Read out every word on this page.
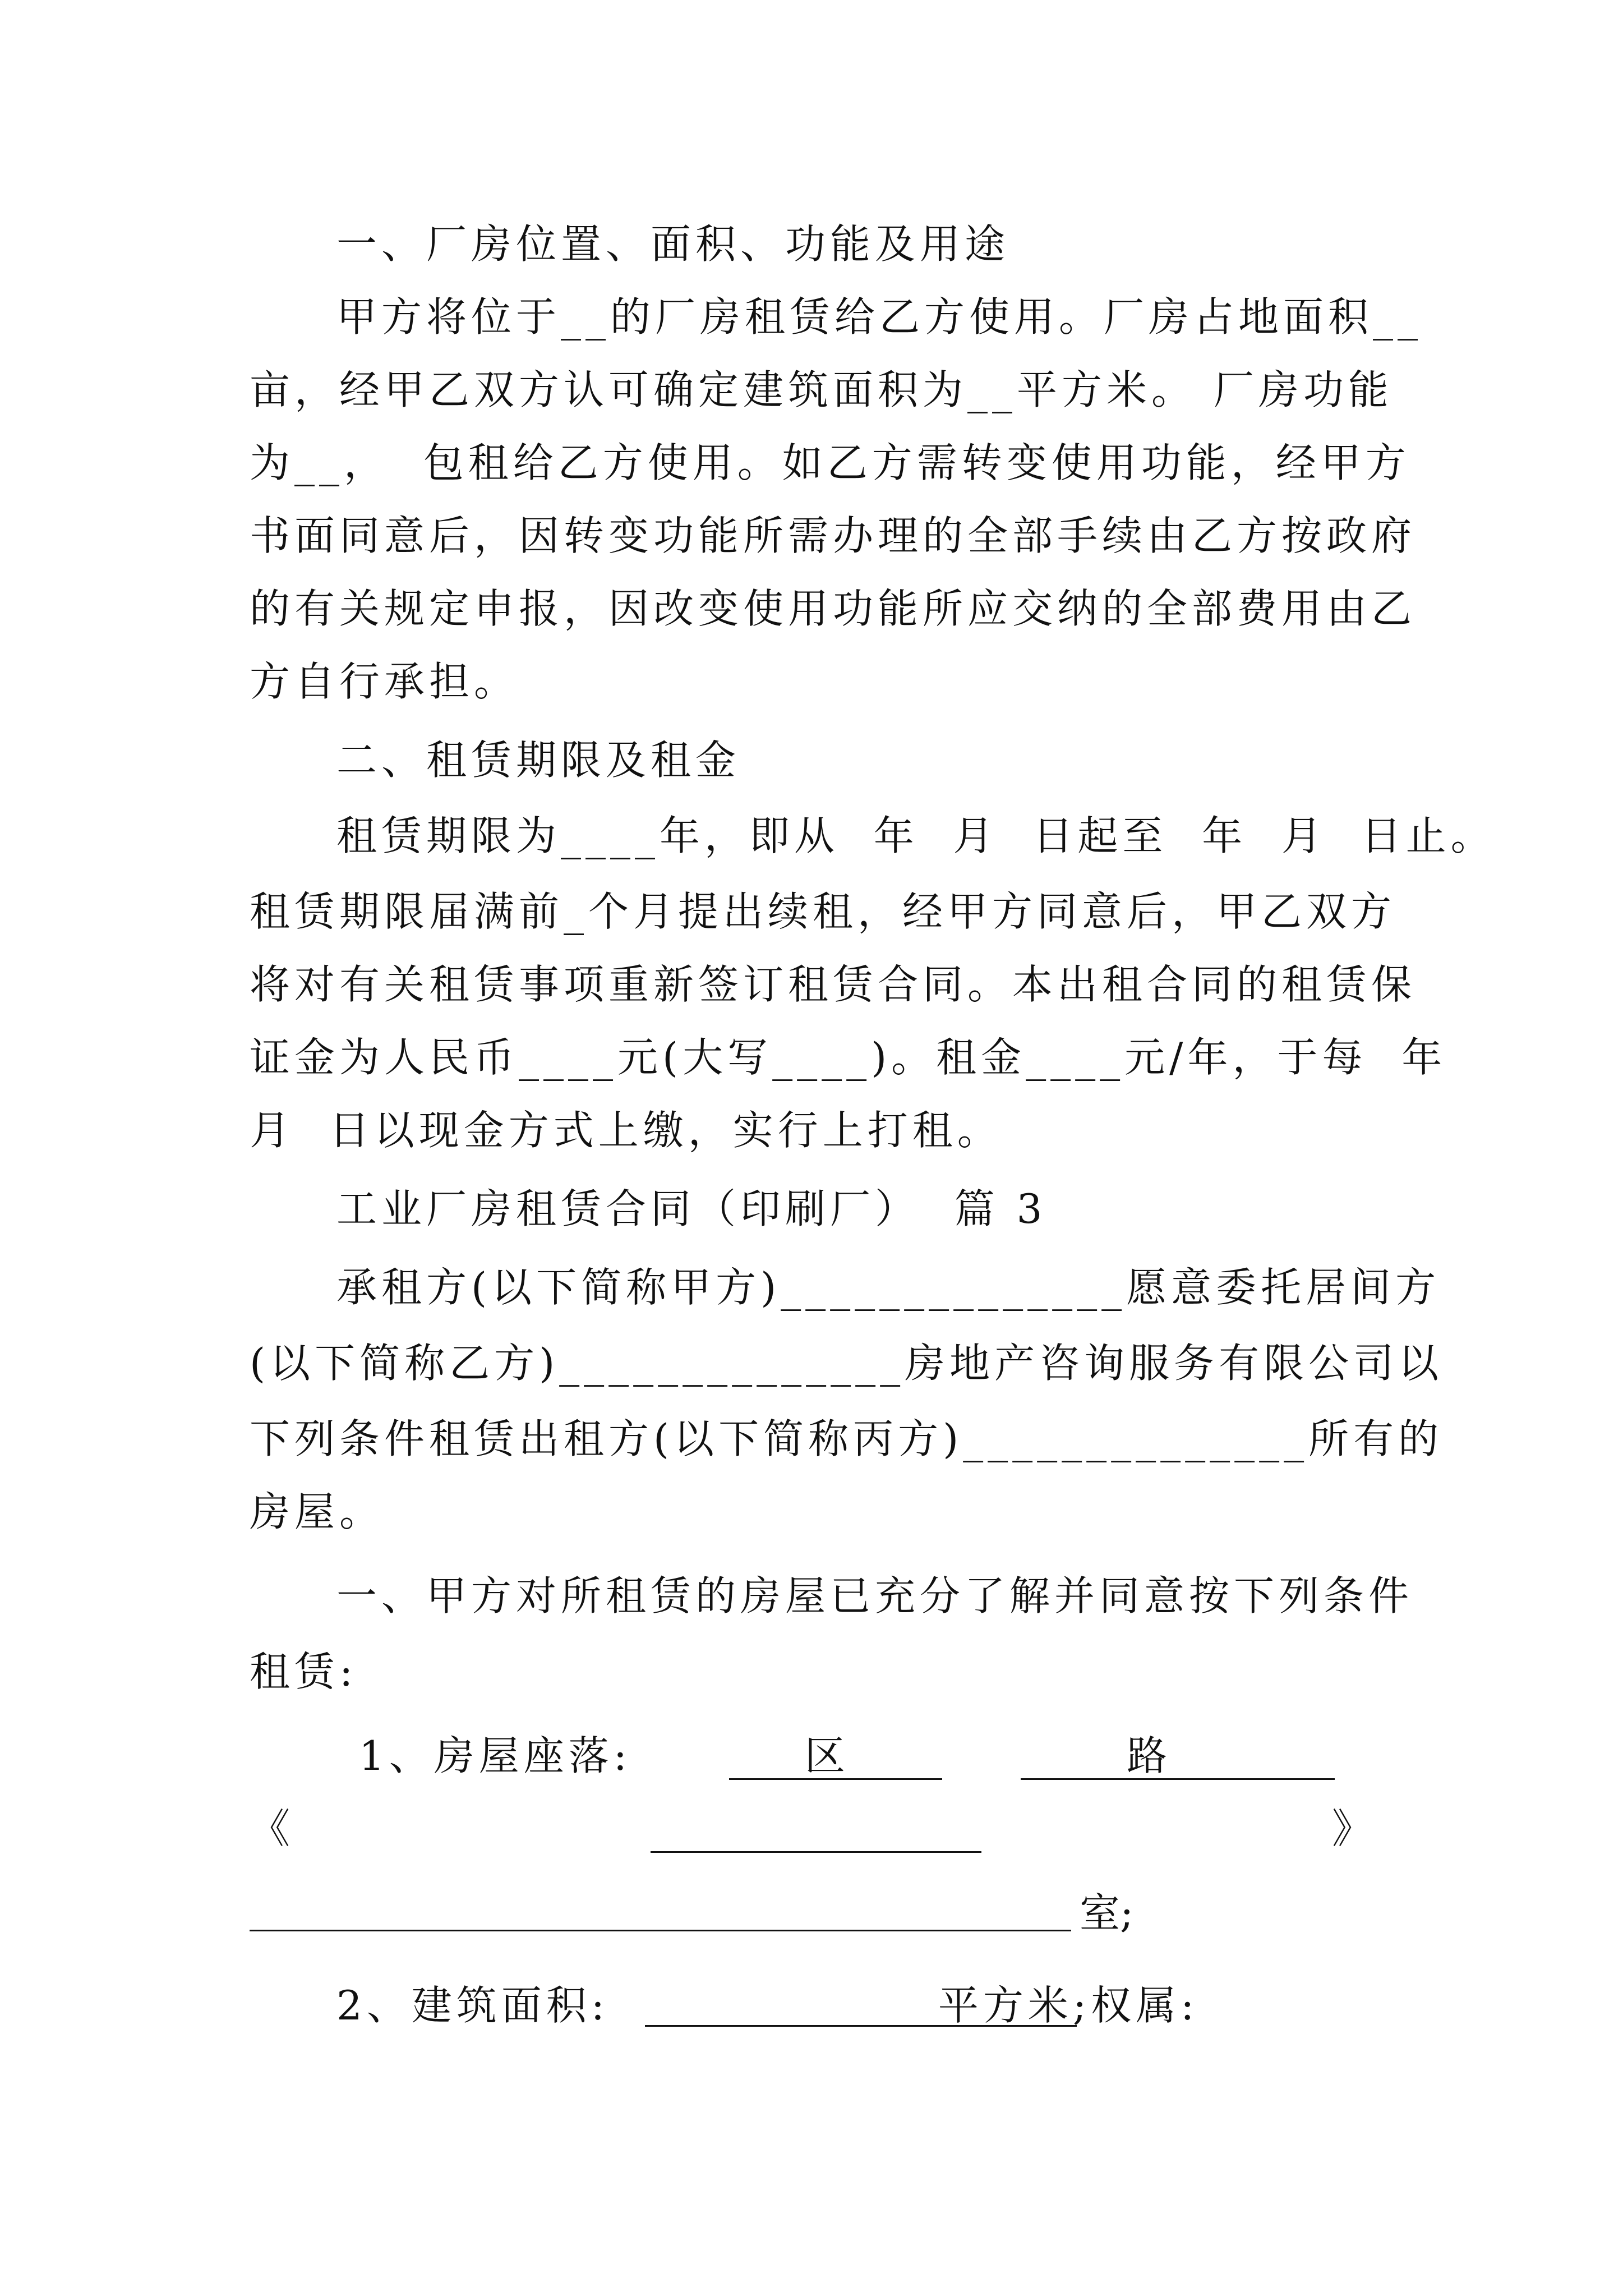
一、厂房位置、面积、功能及用途

甲方将位于__的厂房租赁给乙方使用。厂房占地面积__

亩，经甲乙双方认可确定建筑面积为__平方米。 厂房功能

为__，  包租给乙方使用。如乙方需转变使用功能，经甲方

书面同意后，因转变功能所需办理的全部手续由乙方按政府

的有关规定申报，因改变使用功能所应交纳的全部费用由乙

方自行承担。

二、租赁期限及租金

租赁期限为____年，即从  年  月  日起至  年  月  日止。

租赁期限届满前_个月提出续租，经甲方同意后，甲乙双方

将对有关租赁事项重新签订租赁合同。本出租合同的租赁保

证金为人民币____元(大写____)。租金____元/年，于每  年

月  日以现金方式上缴，实行上打租。

工业厂房租赁合同（印刷厂）  篇 3

承租方(以下简称甲方)______________愿意委托居间方

(以下简称乙方)______________房地产咨询服务有限公司以

下列条件租赁出租方(以下简称丙方)______________所有的

房屋。

一、甲方对所租赁的房屋已充分了解并同意按下列条件

租赁:

1、房屋座落:          区                路

《	》
室;

2、建筑面积:                   平方米;权属:
